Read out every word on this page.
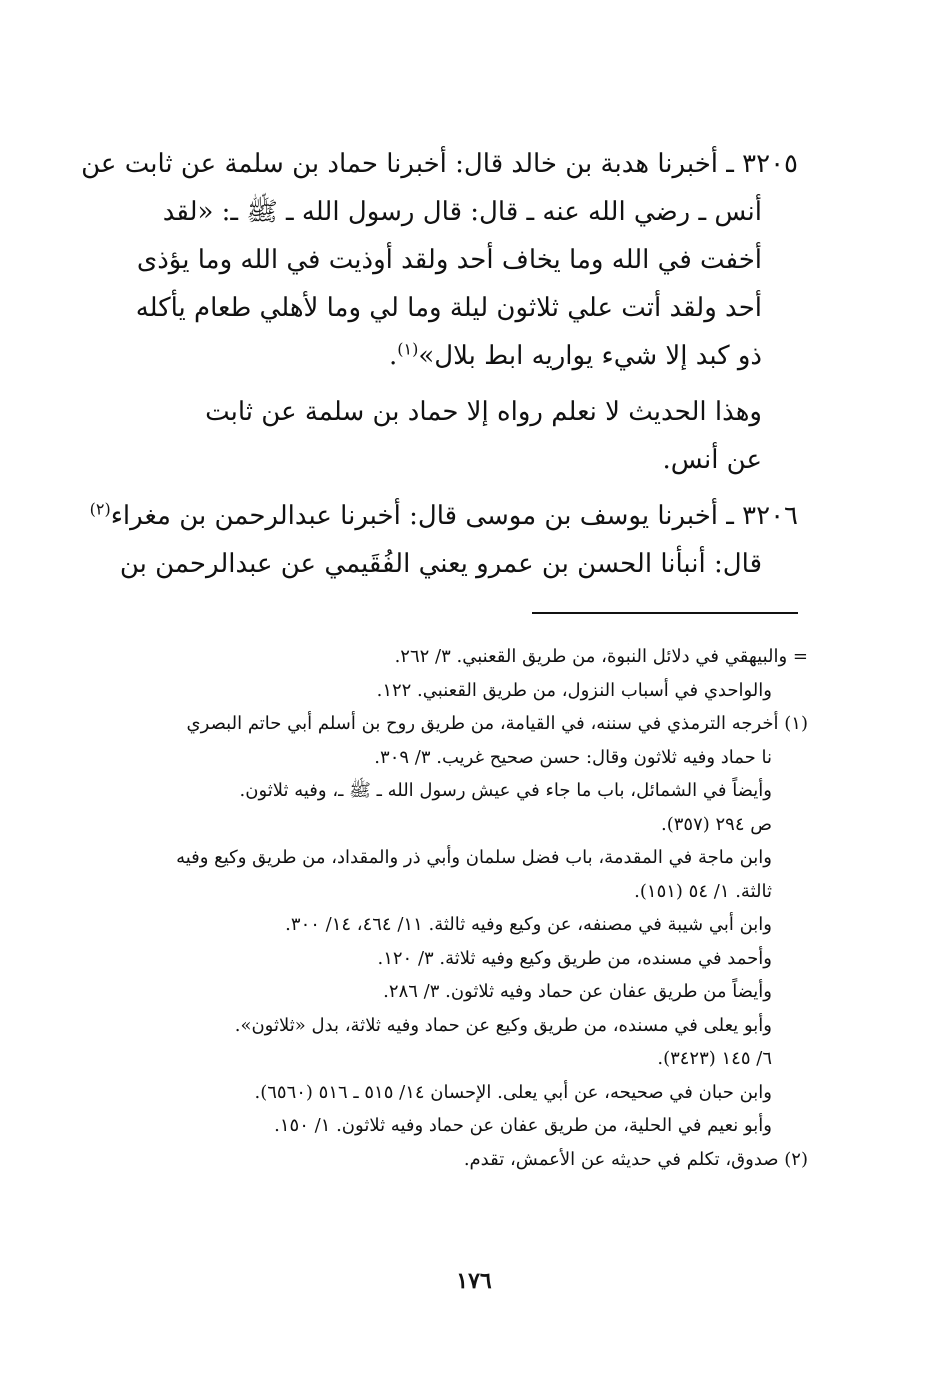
٣٢٠٥ ـ أخبرنا هدبة بن خالد قال: أخبرنا حماد بن سلمة عن ثابت عن
أنس ـ رضي الله عنه ـ قال: قال رسول الله ـ ﷺ ـ: «لقد
أخفت في الله وما يخاف أحد ولقد أوذيت في الله وما يؤذى
أحد ولقد أتت علي ثلاثون ليلة وما لي وما لأهلي طعام يأكله
ذو كبد إلا شيء يواريه ابط بلال»$^{(١)}$.
وهذا الحديث لا نعلم رواه إلا حماد بن سلمة عن ثابت
عن أنس.
٣٢٠٦ ـ أخبرنا يوسف بن موسى قال: أخبرنا عبدالرحمن بن مغراء$^{(٢)}$
قال: أنبأنا الحسن بن عمرو يعني الفُقَيمي عن عبدالرحمن بن
= والبيهقي في دلائل النبوة، من طريق القعنبي. ٣/ ٢٦٢.
والواحدي في أسباب النزول، من طريق القعنبي. ١٢٢.
(١) أخرجه الترمذي في سننه، في القيامة، من طريق روح بن أسلم أبي حاتم البصري
نا حماد وفيه ثلاثون وقال: حسن صحيح غريب. ٣/ ٣٠٩.
وأيضاً في الشمائل، باب ما جاء في عيش رسول الله ـ ﷺ ـ، وفيه ثلاثون.
ص ٢٩٤ (٣٥٧).
وابن ماجة في المقدمة، باب فضل سلمان وأبي ذر والمقداد، من طريق وكيع وفيه
ثالثة. ١/ ٥٤ (١٥١).
وابن أبي شيبة في مصنفه، عن وكيع وفيه ثالثة. ١١/ ٤٦٤، ١٤/ ٣٠٠.
وأحمد في مسنده، من طريق وكيع وفيه ثلاثة. ٣/ ١٢٠.
وأيضاً من طريق عفان عن حماد وفيه ثلاثون. ٣/ ٢٨٦.
وأبو يعلى في مسنده، من طريق وكيع عن حماد وفيه ثلاثة، بدل «ثلاثون».
٦/ ١٤٥ (٣٤٢٣).
وابن حبان في صحيحه، عن أبي يعلى. الإحسان ١٤/ ٥١٥ ـ ٥١٦ (٦٥٦٠).
وأبو نعيم في الحلية، من طريق عفان عن حماد وفيه ثلاثون. ١/ ١٥٠.
(٢) صدوق، تكلم في حديثه عن الأعمش، تقدم.
١٧٦
